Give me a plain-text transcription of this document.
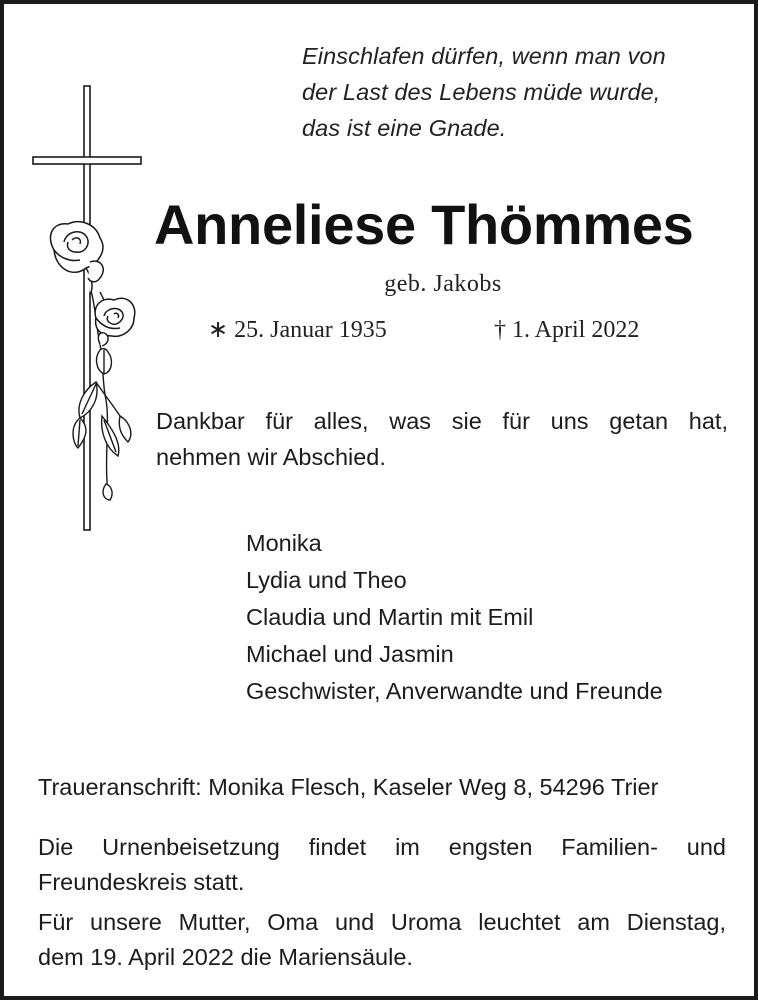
Einschlafen dürfen, wenn man von
der Last des Lebens müde wurde,
das ist eine Gnade.
Anneliese Thömmes
geb. Jakobs
∗ 25. Januar 1935	† 1. April 2022
Dankbar für alles, was sie für uns getan hat,
nehmen wir Abschied.
Monika
Lydia und Theo
Claudia und Martin mit Emil
Michael und Jasmin
Geschwister, Anverwandte und Freunde
Traueranschrift: Monika Flesch, Kaseler Weg 8, 54296 Trier
Die Urnenbeisetzung findet im engsten Familien- und
Freundeskreis statt.
Für unsere Mutter, Oma und Uroma leuchtet am Dienstag,
dem 19. April 2022 die Mariensäule.
